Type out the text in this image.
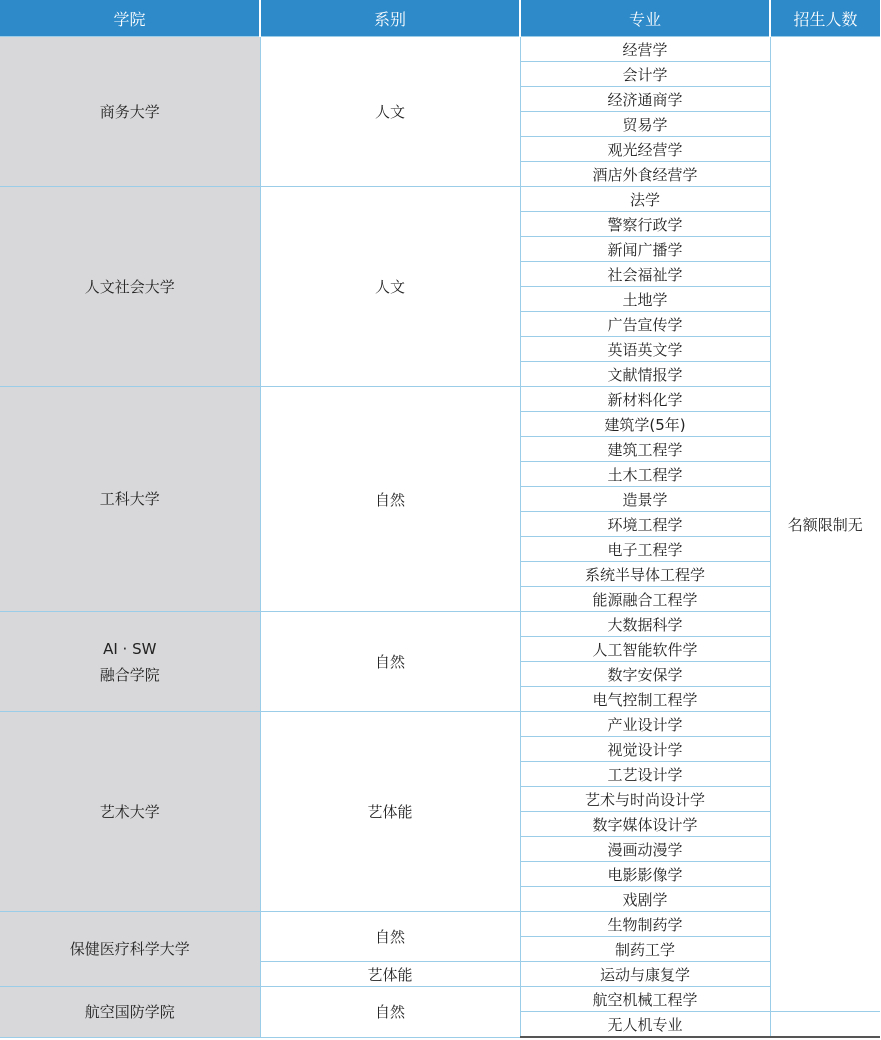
学院	系别	专业	招生人数

商务大学	人文	经营学	名额限制无
		会计学	
		经济通商学	
		贸易学	
		观光经营学	
		酒店外食经营学	

人文社会大学	人文	法学	
		警察行政学	
		新闻广播学	
		社会福祉学	
		土地学	
		广告宣传学	
		英语英文学	
		文献情报学	

工科大学	自然	新材料化学	
		建筑学(5年)	
		建筑工程学	
		土木工程学	
		造景学	
		环境工程学	
		电子工程学	
		系统半导体工程学	
		能源融合工程学	

AI · SW
融合学院	自然	大数据科学	
		人工智能软件学	
		数字安保学	
		电气控制工程学	

艺术大学	艺体能	产业设计学	
		视觉设计学	
		工艺设计学	
		艺术与时尚设计学	
		数字媒体设计学	
		漫画动漫学	
		电影影像学	
		戏剧学	

保健医疗科学大学	自然	生物制药学	
		制药工学	
	艺体能	运动与康复学	

航空国防学院	自然	航空机械工程学	
		无人机专业	
